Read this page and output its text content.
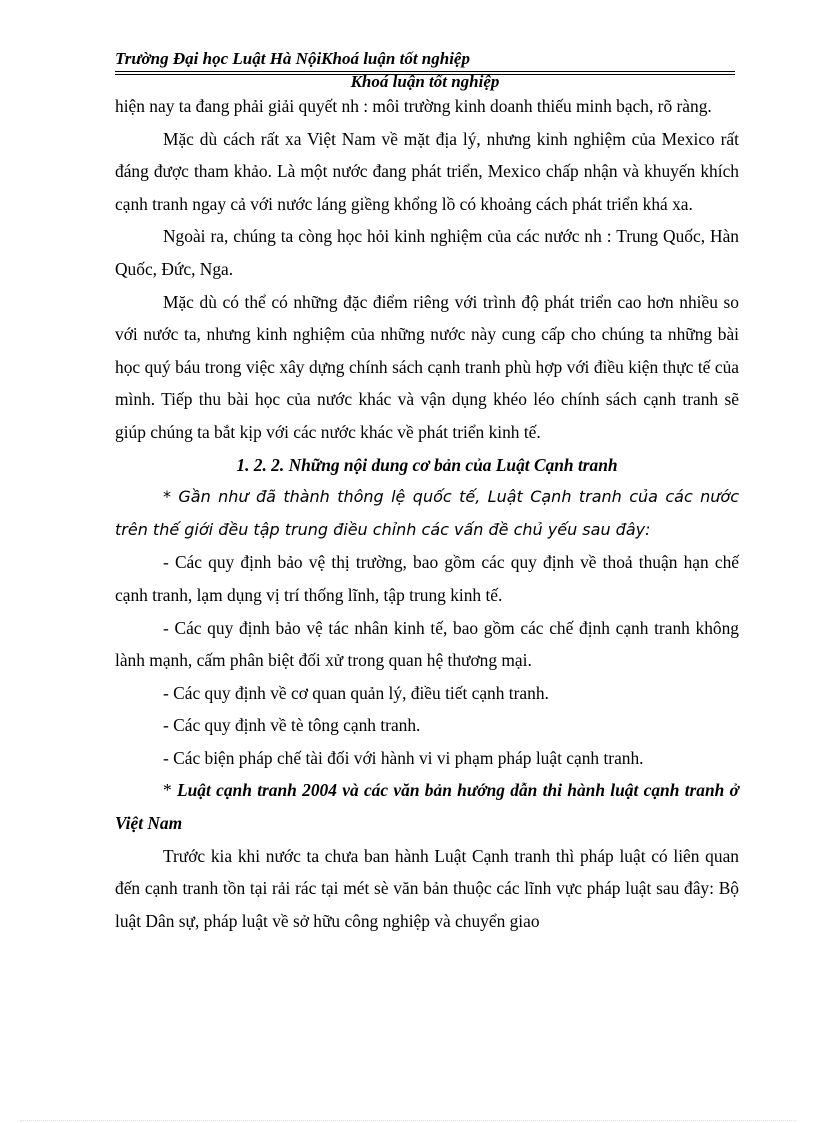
Trường Đại học Luật Hà NộiKhoá luận tốt nghiệp
Khoá luận tốt nghiệp

hiện nay ta đang phải giải quyết nh : môi trường kinh doanh thiếu minh bạch, rõ ràng.

Mặc dù cách rất xa Việt Nam về mặt địa lý, nhưng kinh nghiệm của Mexico rất đáng được tham khảo. Là một nước đang phát triển, Mexico chấp nhận và khuyến khích cạnh tranh ngay cả với nước láng giềng khổng lồ có khoảng cách phát triển khá xa.

Ngoài ra, chúng ta còng học hỏi kinh nghiệm của các nước nh : Trung Quốc, Hàn Quốc, Đức, Nga.

Mặc dù có thể có những đặc điểm riêng với trình độ phát triển cao hơn nhiều so với nước ta, nhưng kinh nghiệm của những nước này cung cấp cho chúng ta những bài học quý báu trong việc xây dựng chính sách cạnh tranh phù hợp với điều kiện thực tế của mình. Tiếp thu bài học của nước khác và vận dụng khéo léo chính sách cạnh tranh sẽ giúp chúng ta bắt kịp với các nước khác về phát triển kinh tế.

1. 2. 2. Những nội dung cơ bản của Luật Cạnh tranh

* Gần như đã thành thông lệ quốc tế, Luật Cạnh tranh của các nước trên thế giới đều tập trung điều chỉnh các vấn đề chủ yếu sau đây:

- Các quy định bảo vệ thị trường, bao gồm các quy định về thoả thuận hạn chế cạnh tranh, lạm dụng vị trí thống lĩnh, tập trung kinh tế.

- Các quy định bảo vệ tác nhân kinh tế, bao gồm các chế định cạnh tranh không lành mạnh, cấm phân biệt đối xử trong quan hệ thương mại.

- Các quy định về cơ quan quản lý, điều tiết cạnh tranh.

- Các quy định về tè tông cạnh tranh.

- Các biện pháp chế tài đối với hành vi vi phạm pháp luật cạnh tranh.

* Luật cạnh tranh 2004 và các văn bản hướng dẫn thi hành luật cạnh tranh ở Việt Nam

Trước kia khi nước ta chưa ban hành Luật Cạnh tranh thì pháp luật có liên quan đến cạnh tranh tồn tại rải rác tại mét sè văn bản thuộc các lĩnh vực pháp luật sau đây: Bộ luật Dân sự, pháp luật về sở hữu công nghiệp và chuyển giao
